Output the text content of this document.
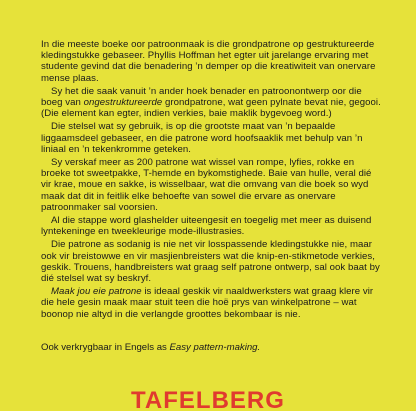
In die meeste boeke oor patroonmaak is die grondpatrone op gestruktureerde kledingstukke gebaseer. Phyllis Hoffman het egter uit jarelange ervaring met studente gevind dat die benadering ’n demper op die kreatiwiteit van onervare mense plaas.

Sy het die saak vanuit ’n ander hoek benader en patroonontwerp oor die boeg van ongestruktureerde grondpatrone, wat geen pylnate bevat nie, gegooi. (Die element kan egter, indien verkies, baie maklik bygevoeg word.)

Die stelsel wat sy gebruik, is op die grootste maat van ’n bepaalde liggaamsdeel gebaseer, en die patrone word hoofsaaklik met behulp van ’n liniaal en ’n tekenkromme geteken.

Sy verskaf meer as 200 patrone wat wissel van rompe, lyfies, rokke en broeke tot sweetpakke, T-hemde en bykomstighede. Baie van hulle, veral dié vir krae, moue en sakke, is wisselbaar, wat die omvang van die boek so wyd maak dat dit in feitlik elke behoefte van sowel die ervare as onervare patroonmaker sal voorsien.

Al die stappe word glashelder uiteengesit en toegelig met meer as duisend lyntekeninge en tweekleurige mode-illustrasies.

Die patrone as sodanig is nie net vir losspassende kledingstukke nie, maar ook vir breistowwe en vir masjienbreisters wat die knip-en-stikmetode verkies, geskik. Trouens, handbreisters wat graag self patrone ontwerp, sal ook baat by dié stelsel wat sy beskryf.

Maak jou eie patrone is ideaal geskik vir naaldwerksters wat graag klere vir die hele gesin maak maar stuit teen die hoë prys van winkelpatrone – wat boonop nie altyd in die verlangde groottes bekombaar is nie.

Ook verkrygbaar in Engels as Easy pattern-making.
TAFELBERG
